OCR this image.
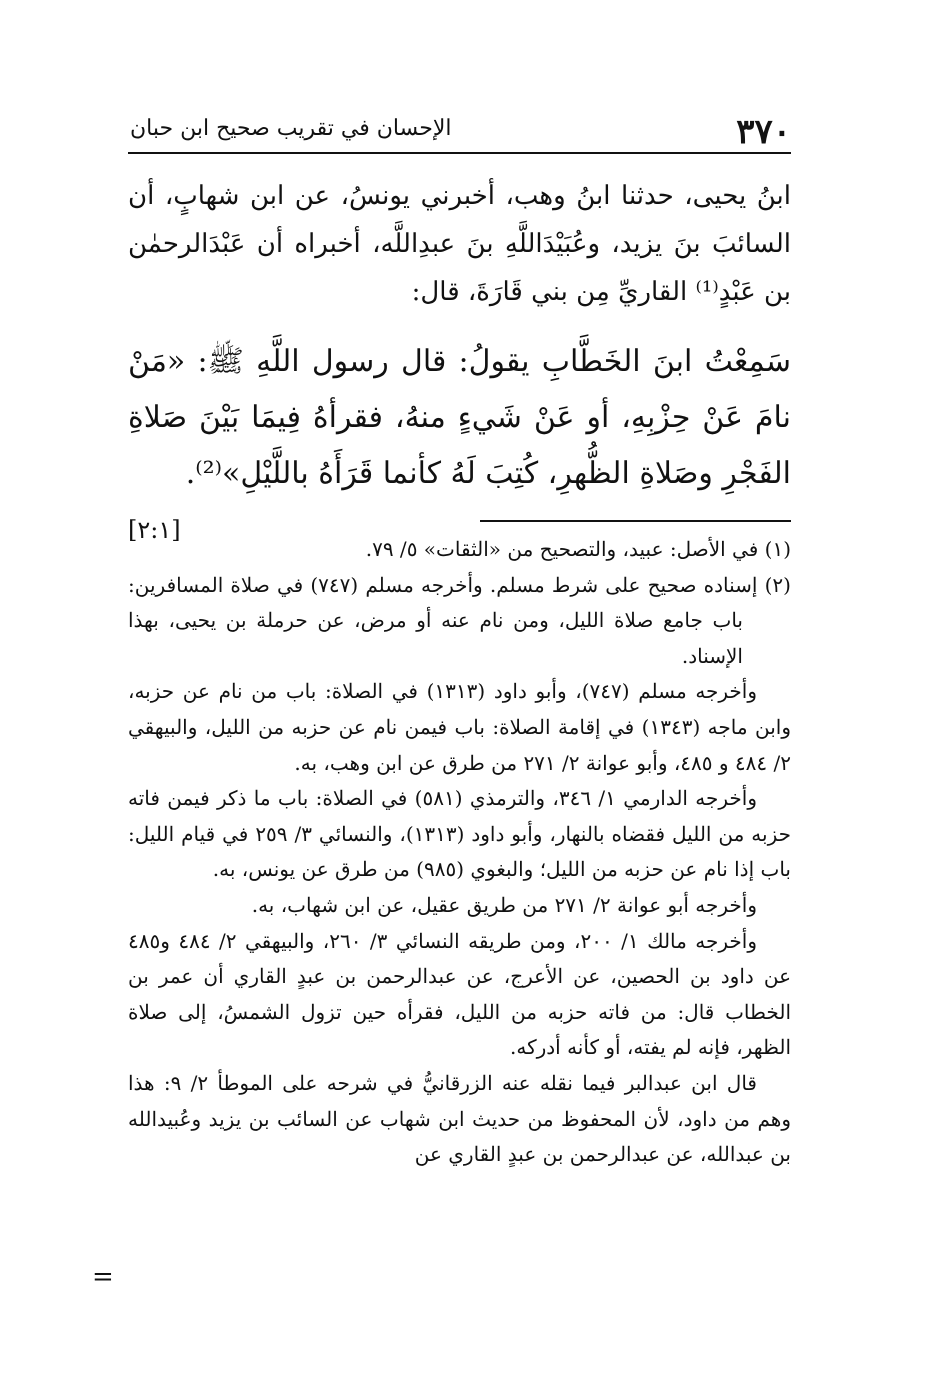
٣٧٠
الإحسان في تقريب صحيح ابن حبان

ابنُ يحيى، حدثنا ابنُ وهب، أخبرني يونسُ، عن ابن شهابٍ، أن السائبَ بنَ يزيد، وعُبَيْدَاللَّهِ بنَ عبدِاللَّه، أخبراه أن عَبْدَالرحمٰن بن عَبْدٍ⁽¹⁾ القاريِّ مِن بني قَارَةَ، قال:

سَمِعْتُ ابنَ الخَطَّابِ يقولُ: قال رسول اللَّهِ ﷺ: «مَنْ نامَ عَنْ حِزْبِهِ، أو عَنْ شَيءٍ منهُ، فقرأهُ فِيمَا بَيْنَ صَلاةِ الفَجْرِ وصَلاةِ الظُّهرِ، كُتِبَ لَهُ كأنما قَرَأَهُ باللَّيْلِ»⁽²⁾.
[٢:١]

(١) في الأصل: عبيد، والتصحيح من «الثقات» ٥/ ٧٩.

(٢) إسناده صحيح على شرط مسلم. وأخرجه مسلم (٧٤٧) في صلاة المسافرين: باب جامع صلاة الليل، ومن نام عنه أو مرض، عن حرملة بن يحيى، بهذا الإسناد.

وأخرجه مسلم (٧٤٧)، وأبو داود (١٣١٣) في الصلاة: باب من نام عن حزبه، وابن ماجه (١٣٤٣) في إقامة الصلاة: باب فيمن نام عن حزبه من الليل، والبيهقي ٢/ ٤٨٤ و ٤٨٥، وأبو عوانة ٢/ ٢٧١ من طرق عن ابن وهب، به.

وأخرجه الدارمي ١/ ٣٤٦، والترمذي (٥٨١) في الصلاة: باب ما ذكر فيمن فاته حزبه من الليل فقضاه بالنهار، وأبو داود (١٣١٣)، والنسائي ٣/ ٢٥٩ في قيام الليل: باب إذا نام عن حزبه من الليل؛ والبغوي (٩٨٥) من طرق عن يونس، به.

وأخرجه أبو عوانة ٢/ ٢٧١ من طريق عقيل، عن ابن شهاب، به.

وأخرجه مالك ١/ ٢٠٠، ومن طريقه النسائي ٣/ ٢٦٠، والبيهقي ٢/ ٤٨٤ و٤٨٥ عن داود بن الحصين، عن الأعرج، عن عبدالرحمن بن عبدٍ القاري أن عمر بن الخطاب قال: من فاته حزبه من الليل، فقرأه حين تزول الشمسُ، إلى صلاة الظهر، فإنه لم يفته، أو كأنه أدركه.

قال ابن عبدالبر فيما نقله عنه الزرقانيُّ في شرحه على الموطأ ٢/ ٩: هذا وهم من داود، لأن المحفوظ من حديث ابن شهاب عن السائب بن يزيد وعُبيدالله بن عبدالله، عن عبدالرحمن بن عبدٍ القاري عن

=
